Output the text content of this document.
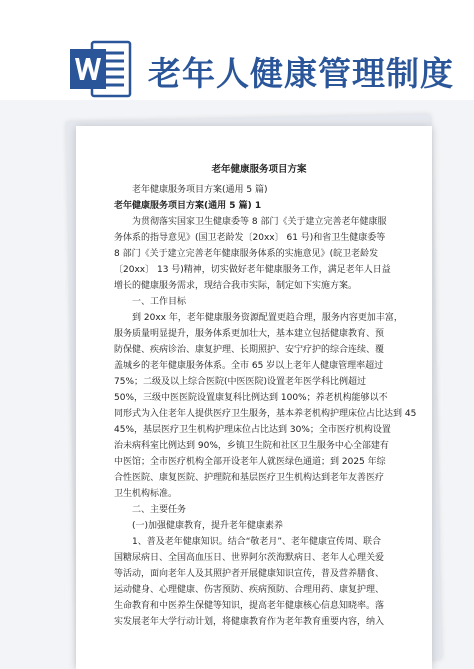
老年人健康管理制度
老年健康服务项目方案

老年健康服务项目方案(通用 5 篇)

老年健康服务项目方案(通用 5 篇) 1

为贯彻落实国家卫生健康委等 8 部门《关于建立完善老年健康服

务体系的指导意见》(国卫老龄发〔20xx〕 61 号)和省卫生健康委等

8 部门《关于建立完善老年健康服务体系的实施意见》(皖卫老龄发

〔20xx〕 13 号)精神，切实做好老年健康服务工作，满足老年人日益

增长的健康服务需求，现结合我市实际，制定如下实施方案。

一、工作目标

到 20xx 年，老年健康服务资源配置更趋合理，服务内容更加丰富，

服务质量明显提升，服务体系更加壮大，基本建立包括健康教育、预

防保健、疾病诊治、康复护理、长期照护、安宁疗护的综合连续、覆

盖城乡的老年健康服务体系。全市 65 岁以上老年人健康管理率超过

75%；二级及以上综合医院(中医医院)设置老年医学科比例超过

50%，三级中医医院设置康复科比例达到 100%；养老机构能够以不

同形式为入住老年人提供医疗卫生服务，基本养老机构护理床位占比达到 45

45%，基层医疗卫生机构护理床位占比达到 30%；全市医疗机构设置

治未病科室比例达到 90%，乡镇卫生院和社区卫生服务中心全部建有

中医馆；全市医疗机构全部开设老年人就医绿色通道；到 2025 年综

合性医院、康复医院、护理院和基层医疗卫生机构达到老年友善医疗

卫生机构标准。

二、主要任务

(一)加强健康教育，提升老年健康素养

1、普及老年健康知识。结合“敬老月”、老年健康宣传周、联合

国糖尿病日、全国高血压日、世界阿尔茨海默病日、老年人心理关爱

等活动，面向老年人及其照护者开展健康知识宣传，普及营养膳食、

运动健身、心理健康、伤害预防、疾病预防、合理用药、康复护理、

生命教育和中医养生保健等知识，提高老年健康核心信息知晓率。落

实发展老年大学行动计划，将健康教育作为老年教育重要内容，纳入
